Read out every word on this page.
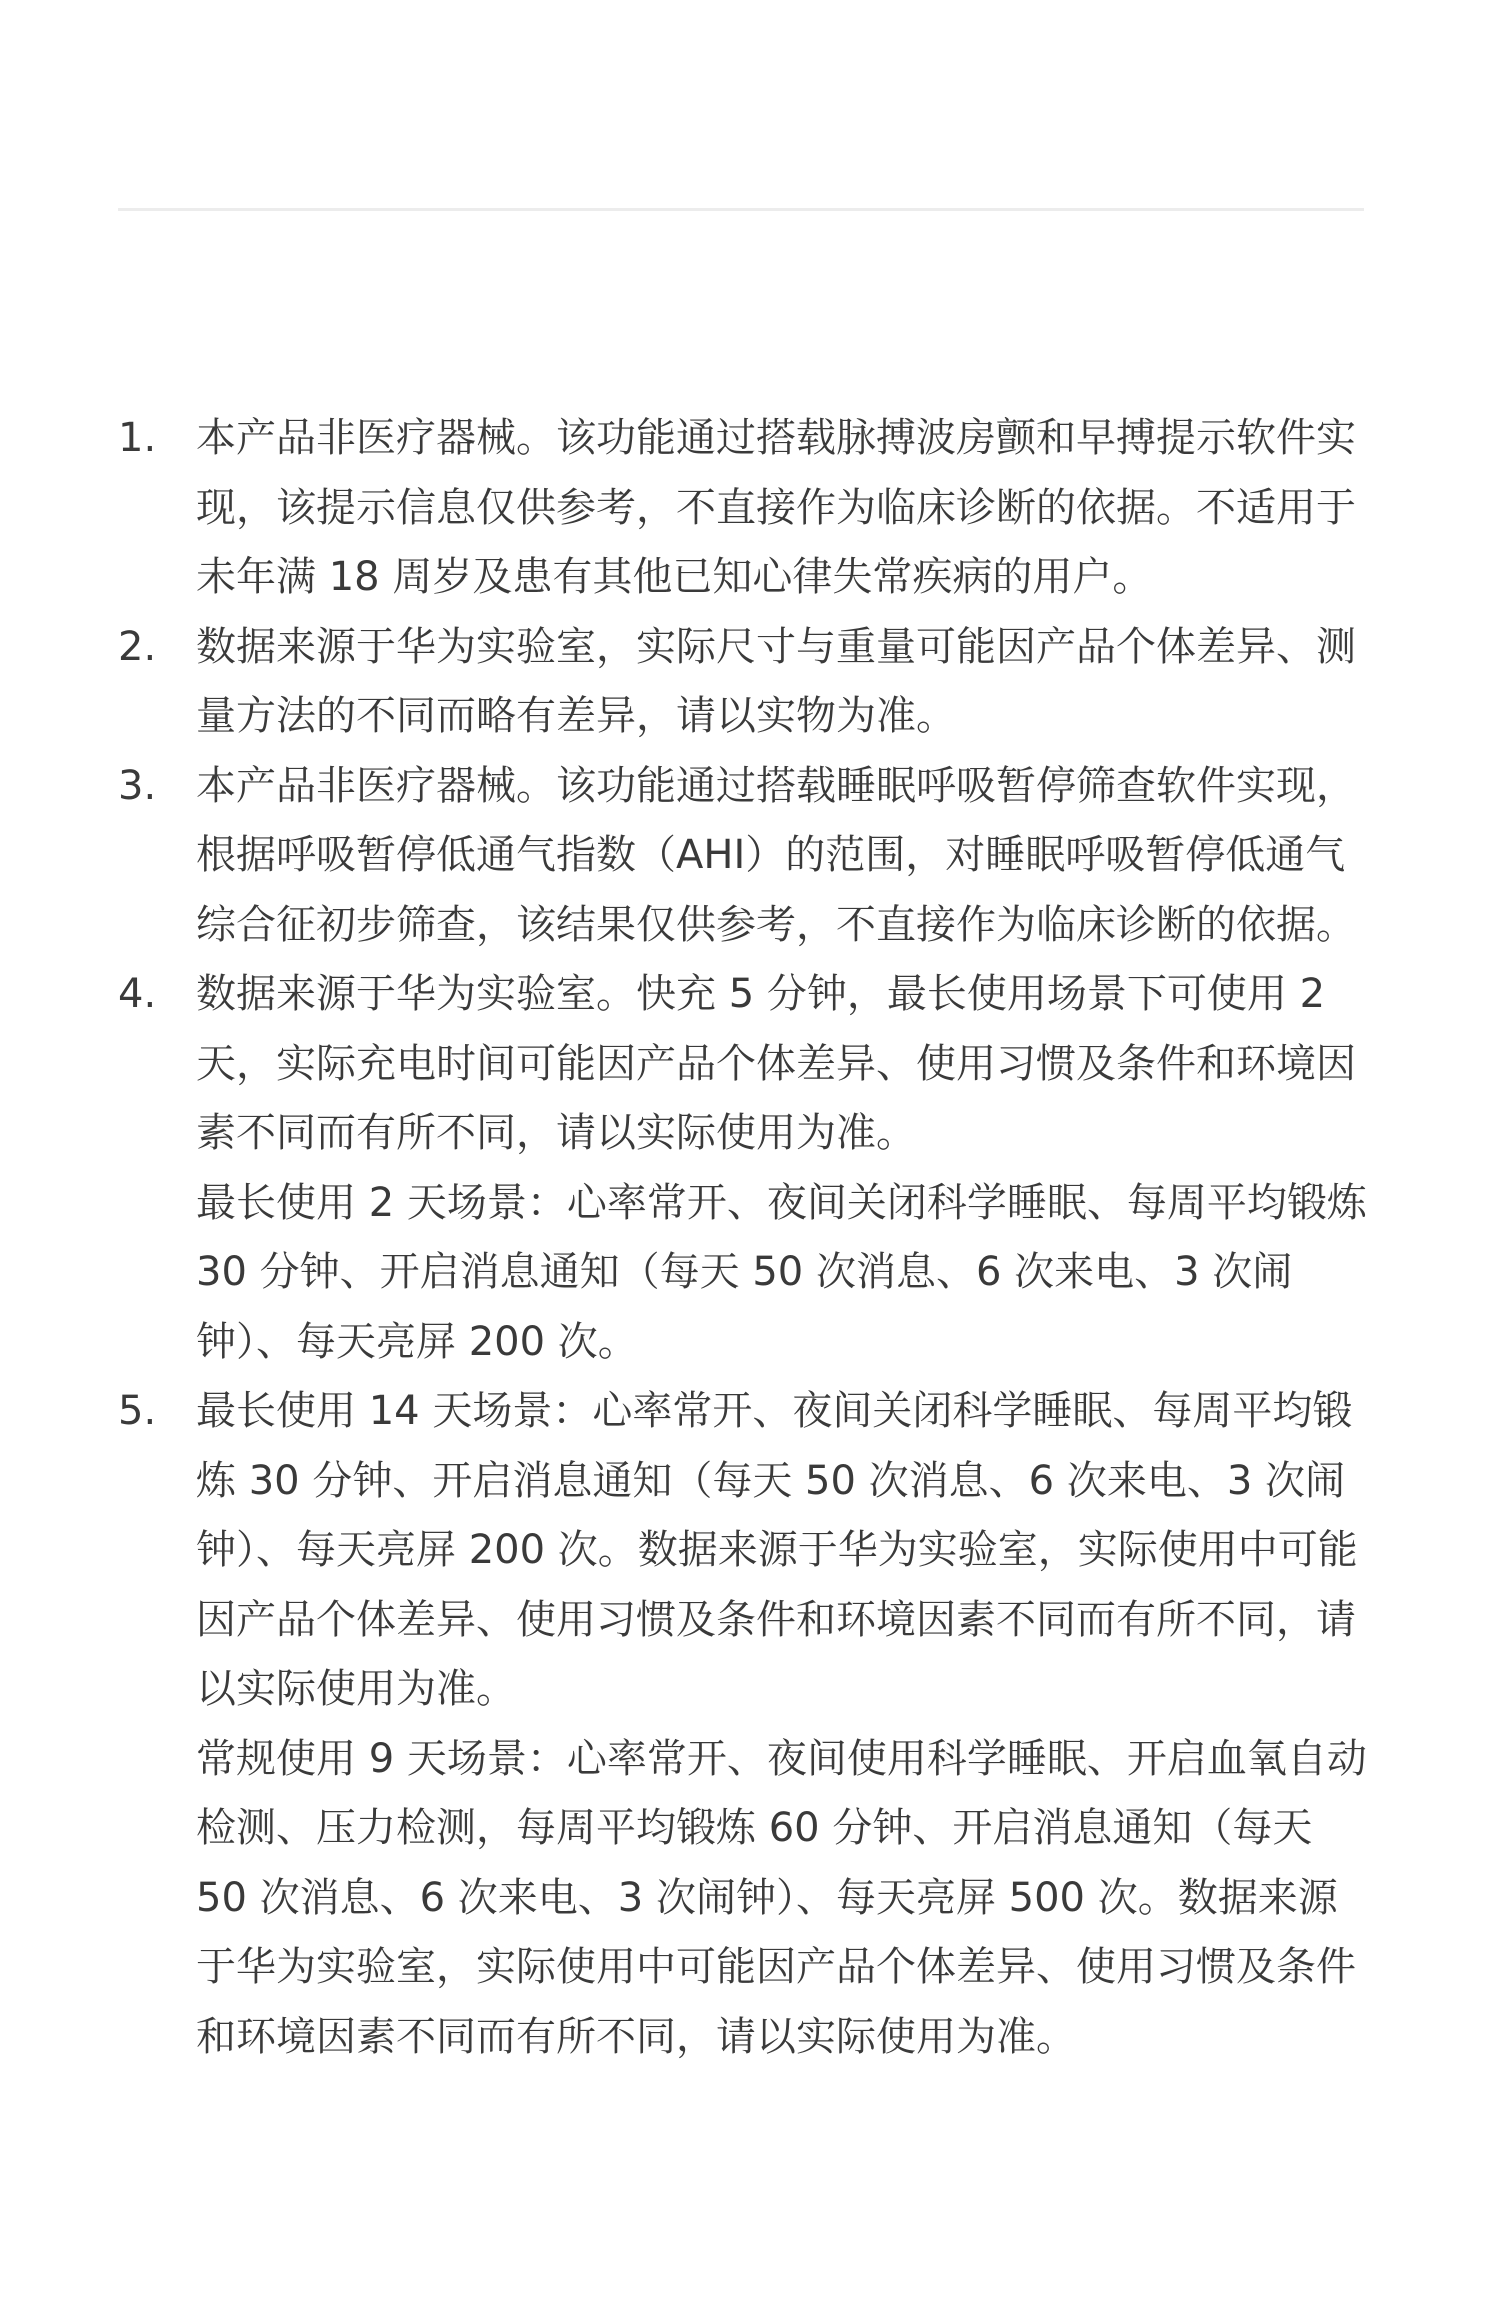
1. 本产品非医疗器械。该功能通过搭载脉搏波房颤和早搏提示软件实现，该提示信息仅供参考，不直接作为临床诊断的依据。不适用于未年满 18 周岁及患有其他已知心律失常疾病的用户。

2. 数据来源于华为实验室，实际尺寸与重量可能因产品个体差异、测量方法的不同而略有差异，请以实物为准。

3. 本产品非医疗器械。该功能通过搭载睡眠呼吸暂停筛查软件实现，根据呼吸暂停低通气指数（AHI）的范围，对睡眠呼吸暂停低通气综合征初步筛查，该结果仅供参考，不直接作为临床诊断的依据。

4. 数据来源于华为实验室。快充 5 分钟，最长使用场景下可使用 2 天，实际充电时间可能因产品个体差异、使用习惯及条件和环境因素不同而有所不同，请以实际使用为准。

最长使用 2 天场景：心率常开、夜间关闭科学睡眠、每周平均锻炼 30 分钟、开启消息通知（每天 50 次消息、6 次来电、3 次闹钟）、每天亮屏 200 次。

5. 最长使用 14 天场景：心率常开、夜间关闭科学睡眠、每周平均锻炼 30 分钟、开启消息通知（每天 50 次消息、6 次来电、3 次闹钟）、每天亮屏 200 次。数据来源于华为实验室，实际使用中可能因产品个体差异、使用习惯及条件和环境因素不同而有所不同，请以实际使用为准。

常规使用 9 天场景：心率常开、夜间使用科学睡眠、开启血氧自动检测、压力检测，每周平均锻炼 60 分钟、开启消息通知（每天 50 次消息、6 次来电、3 次闹钟）、每天亮屏 500 次。数据来源于华为实验室，实际使用中可能因产品个体差异、使用习惯及条件和环境因素不同而有所不同，请以实际使用为准。
